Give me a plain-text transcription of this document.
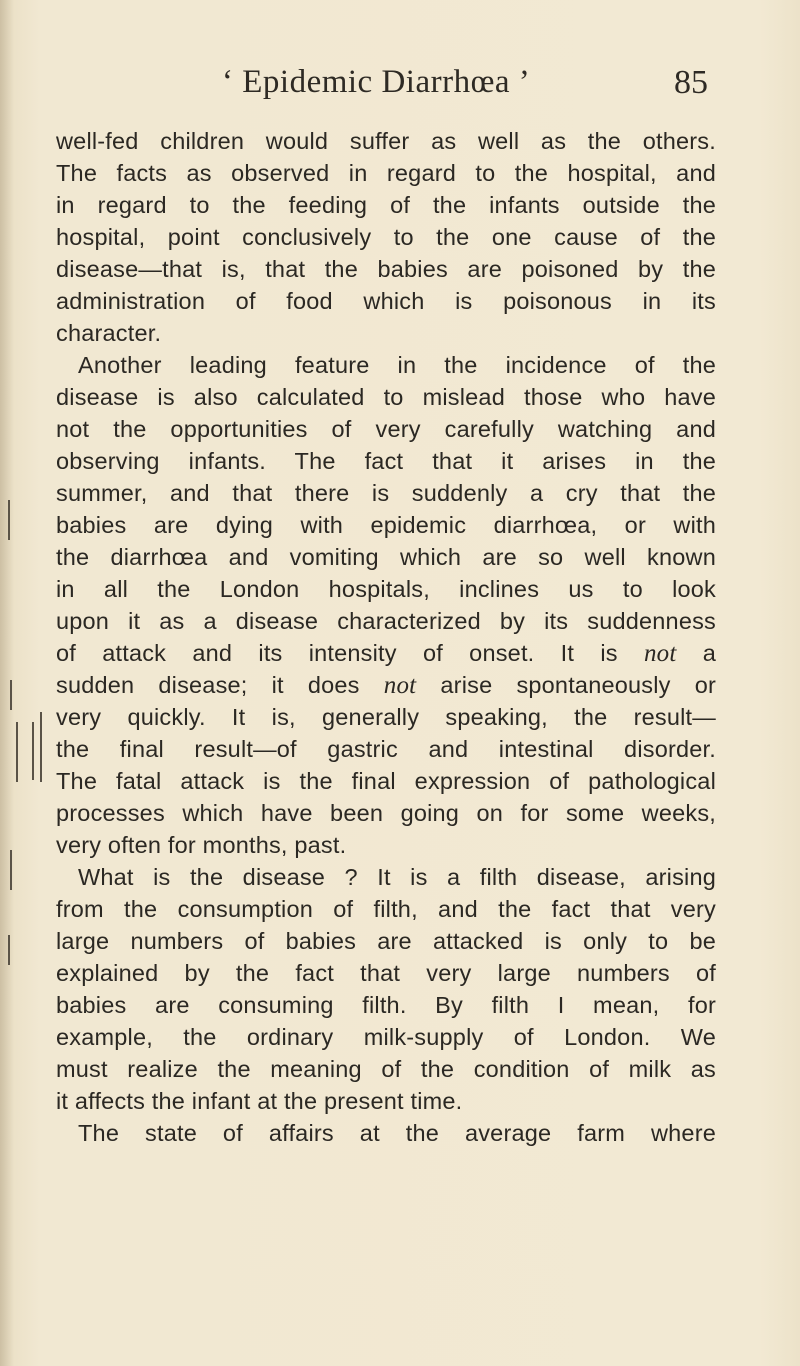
‘ Epidemic Diarrhœa ’	85
well-fed children would suffer as well as the others.
The facts as observed in regard to the hospital, and
in regard to the feeding of the infants outside the
hospital, point conclusively to the one cause of the
disease—that is, that the babies are poisoned by the
administration of food which is poisonous in its
character.
Another leading feature in the incidence of the
disease is also calculated to mislead those who have
not the opportunities of very carefully watching and
observing infants. The fact that it arises in the
summer, and that there is suddenly a cry that the
babies are dying with epidemic diarrhœa, or with
the diarrhœa and vomiting which are so well known
in all the London hospitals, inclines us to look
upon it as a disease characterized by its suddenness
of attack and its intensity of onset. It is not a
sudden disease; it does not arise spontaneously or
very quickly. It is, generally speaking, the result—
the final result—of gastric and intestinal disorder.
The fatal attack is the final expression of pathological
processes which have been going on for some weeks,
very often for months, past.
What is the disease ? It is a filth disease, arising
from the consumption of filth, and the fact that very
large numbers of babies are attacked is only to be
explained by the fact that very large numbers of
babies are consuming filth. By filth I mean, for
example, the ordinary milk-supply of London. We
must realize the meaning of the condition of milk as
it affects the infant at the present time.
The state of affairs at the average farm where
